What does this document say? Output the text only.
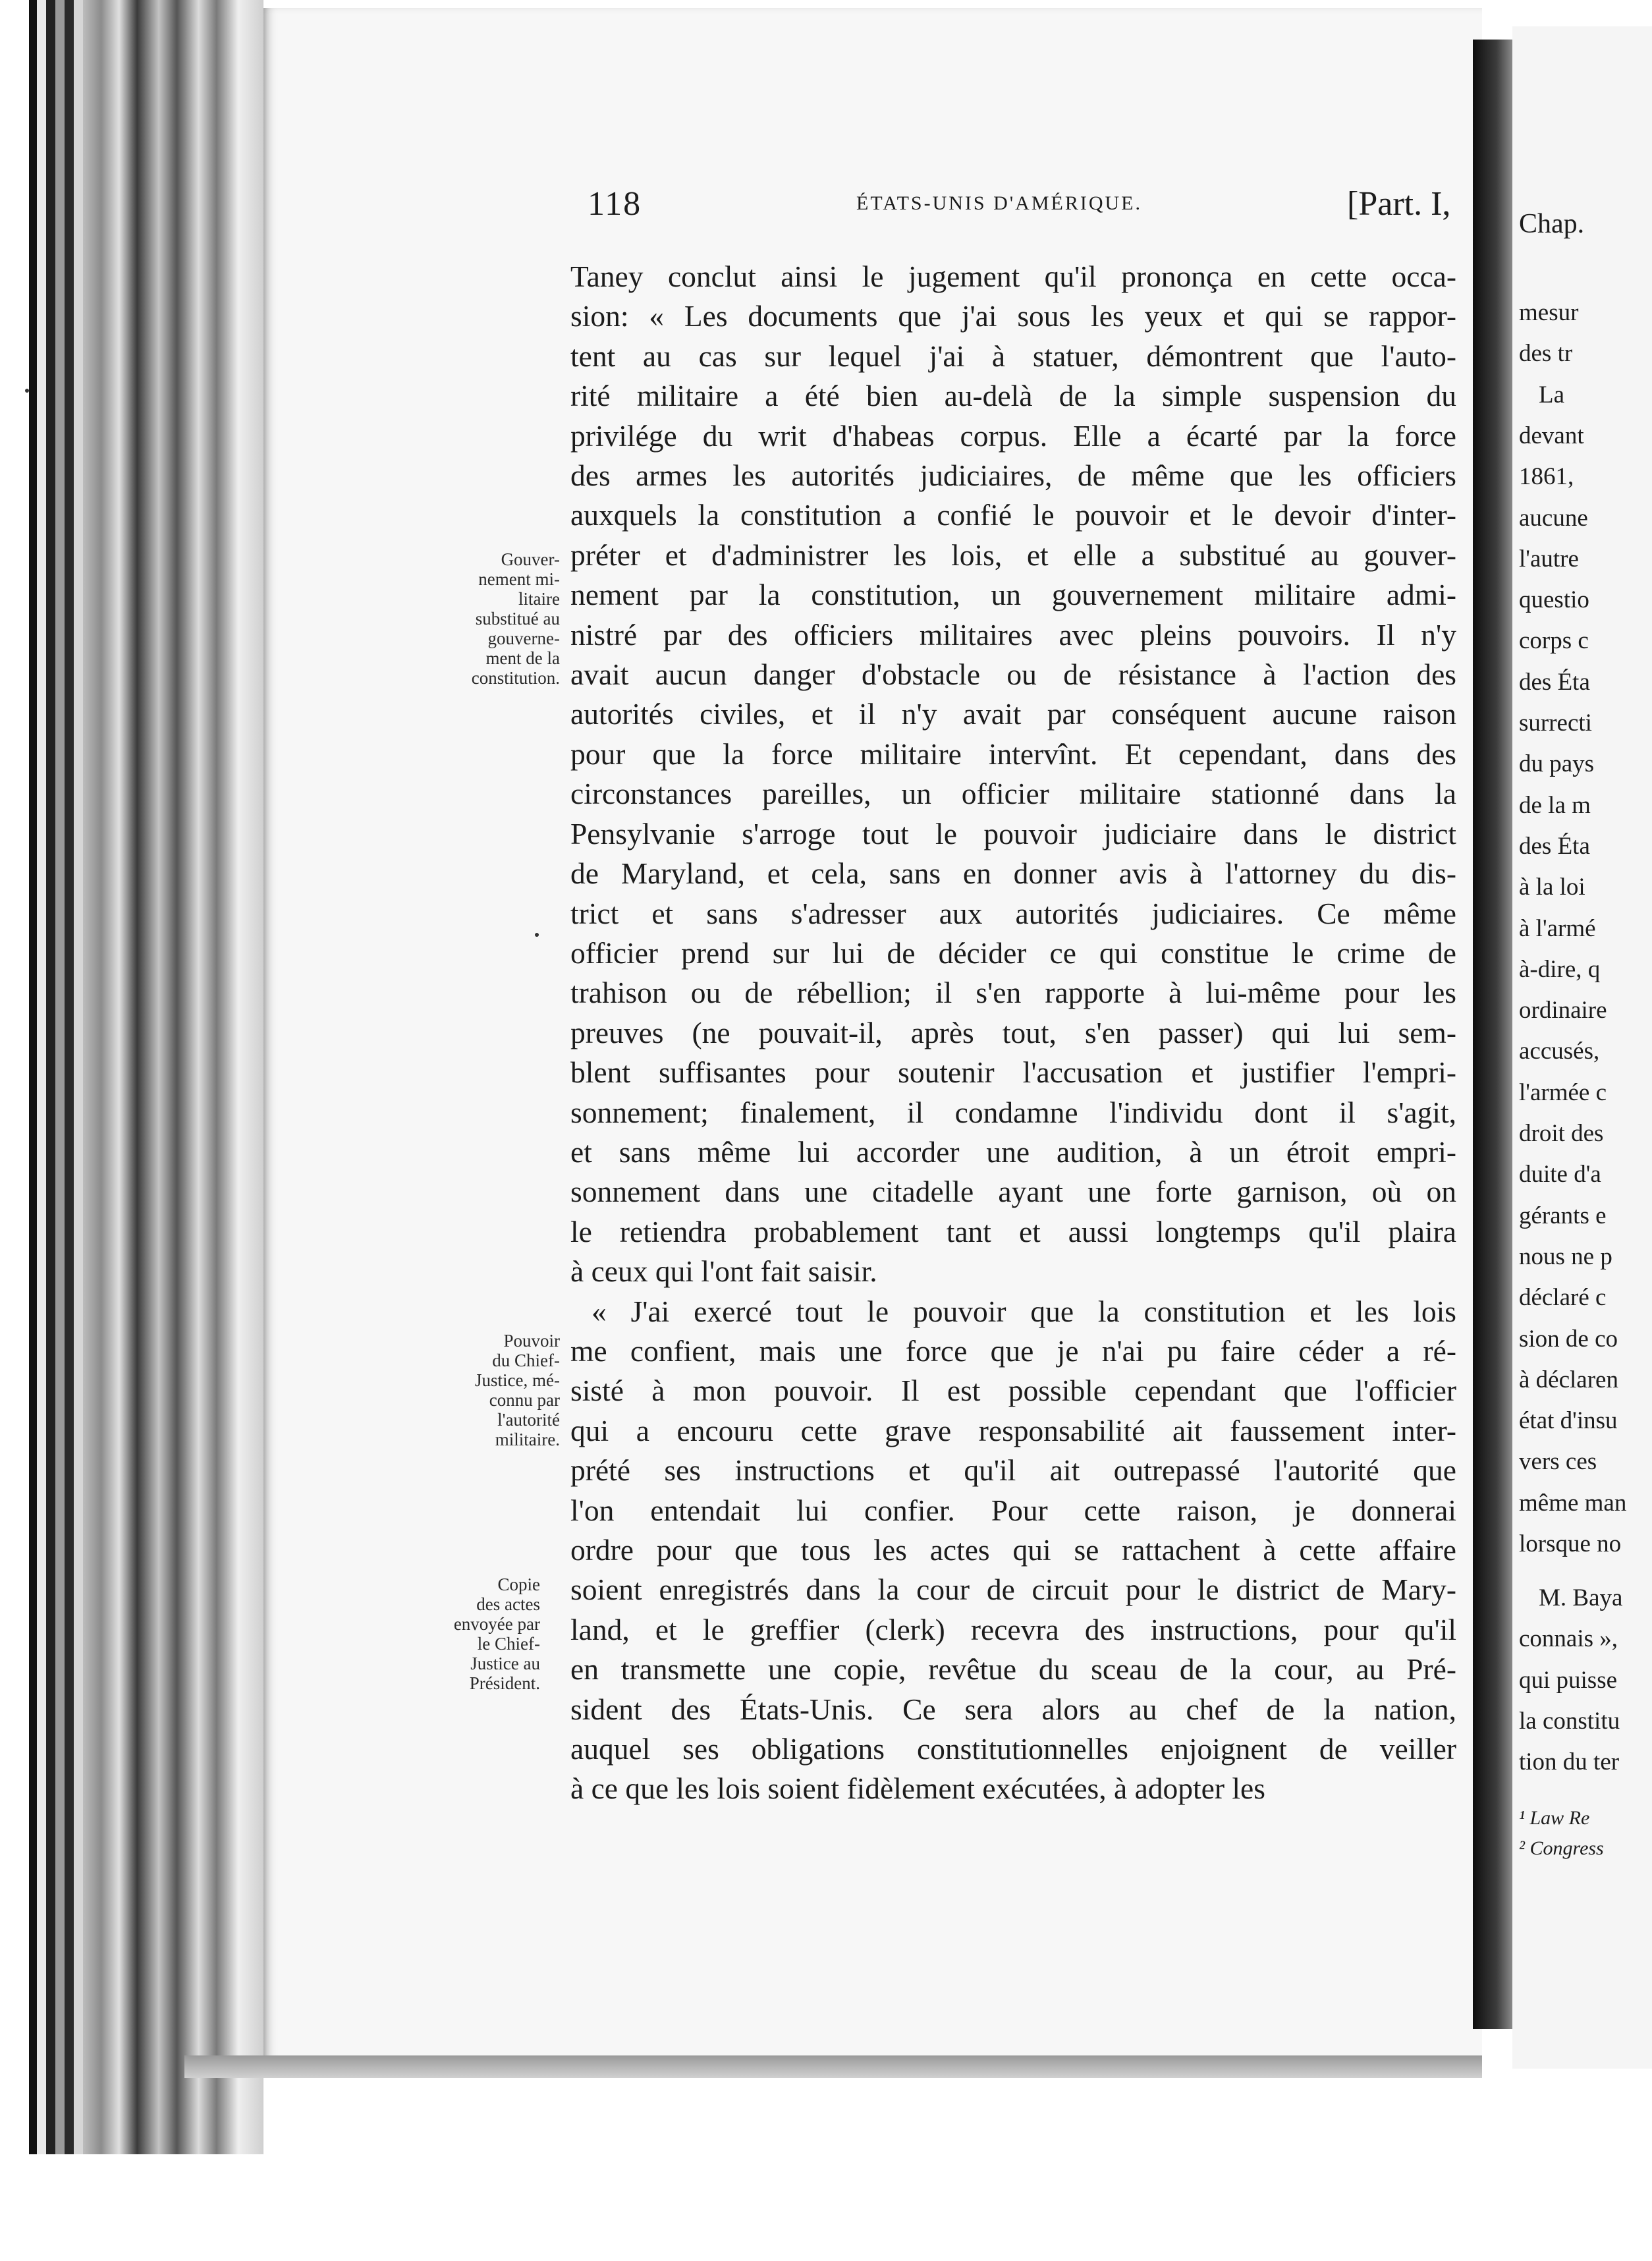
Chap.
mesur
des tr
La
devant
1861,
aucune
l'autre
questio
corps c
des Éta
surrecti
du pays
de la m
des Éta
à la loi
à l'armé
à-dire, q
ordinaire
accusés,
l'armée c
droit des
duite d'a
gérants e
nous ne p
déclaré c
sion de co
à déclaren
état d'insu
vers ces
même man
lorsque no
M. Baya
connais »,
qui puisse
la constitu
tion du ter
¹ Law Re
² Congress
118	ÉTATS-UNIS D'AMÉRIQUE.	[Part. I,
Gouver-
nement mi-
litaire
substitué au
gouverne-
ment de la
constitution.
Pouvoir
du Chief-
Justice, mé-
connu par
l'autorité
militaire.
Copie
des actes
envoyée par
le Chief-
Justice au
Président.
Taney conclut ainsi le jugement qu'il prononça en cette occa-
sion: « Les documents que j'ai sous les yeux et qui se rappor-
tent au cas sur lequel j'ai à statuer, démontrent que l'auto-
rité militaire a été bien au-delà de la simple suspension du
privilége du writ d'habeas corpus. Elle a écarté par la force
des armes les autorités judiciaires, de même que les officiers
auxquels la constitution a confié le pouvoir et le devoir d'inter-
préter et d'administrer les lois, et elle a substitué au gouver-
nement par la constitution, un gouvernement militaire admi-
nistré par des officiers militaires avec pleins pouvoirs. Il n'y
avait aucun danger d'obstacle ou de résistance à l'action des
autorités civiles, et il n'y avait par conséquent aucune raison
pour que la force militaire intervînt. Et cependant, dans des
circonstances pareilles, un officier militaire stationné dans la
Pensylvanie s'arroge tout le pouvoir judiciaire dans le district
de Maryland, et cela, sans en donner avis à l'attorney du dis-
trict et sans s'adresser aux autorités judiciaires. Ce même
officier prend sur lui de décider ce qui constitue le crime de
trahison ou de rébellion; il s'en rapporte à lui-même pour les
preuves (ne pouvait-il, après tout, s'en passer) qui lui sem-
blent suffisantes pour soutenir l'accusation et justifier l'empri-
sonnement; finalement, il condamne l'individu dont il s'agit,
et sans même lui accorder une audition, à un étroit empri-
sonnement dans une citadelle ayant une forte garnison, où on
le retiendra probablement tant et aussi longtemps qu'il plaira
à ceux qui l'ont fait saisir.
« J'ai exercé tout le pouvoir que la constitution et les lois
me confient, mais une force que je n'ai pu faire céder a ré-
sisté à mon pouvoir. Il est possible cependant que l'officier
qui a encouru cette grave responsabilité ait faussement inter-
prété ses instructions et qu'il ait outrepassé l'autorité que
l'on entendait lui confier. Pour cette raison, je donnerai
ordre pour que tous les actes qui se rattachent à cette affaire
soient enregistrés dans la cour de circuit pour le district de Mary-
land, et le greffier (clerk) recevra des instructions, pour qu'il
en transmette une copie, revêtue du sceau de la cour, au Pré-
sident des États-Unis. Ce sera alors au chef de la nation,
auquel ses obligations constitutionnelles enjoignent de veiller
à ce que les lois soient fidèlement exécutées, à adopter les
